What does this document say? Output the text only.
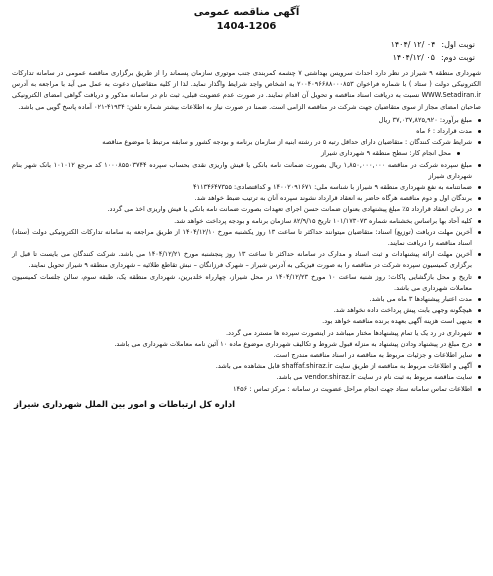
آگهی مناقصه عمومی
1404-1206
نوبت اول:
۱۴۰۴/ ۱۲/ ۰۴
نوبت دوم:
۱۴۰۴/۱۲/ ۰۵

شهرداری منطقه ۹ شیراز در نظر دارد احداث سرویس بهداشتی ۷ چشمه کمربندی جنب موتوری سازمان پسماند را از طریق برگزاری مناقصه عمومی در سامانه تدارکات الکترونیکی دولت ( ستاد ) با شماره فراخوان ۲۰۰۴۰۹۶۶۸۸۰۰۰۸۵۳ به اشخاص واجد شرایط واگذار نماید. لذا از کلیه متقاضیان دعوت به عمل می آید با مراجعه به آدرس WWW.Setadiran.ir نسبت به دریافت اسناد مناقصه و تحویل آن اقدام نمایند. در صورت عدم عضویت قبلی، ثبت نام در سامانه مذکور و دریافت گواهی امضای الکترونیکی صاحبان امضای مجاز از سوی متقاضیان جهت شرکت در مناقصه الزامی است. ضمنا در صورت نیاز به اطلاعات بیشتر شماره تلفن: ۴۱۹۳۴-۰۲۱ آماده پاسخ گویی می باشد.

مبلغ برآورد: ۳۷,۰۳۷,۸۲۵,۹۲۰ ریال

مدت قرارداد : ۶ ماه

شرایط شرکت کنندگان : متقاضیان دارای حداقل رتبه ۵ در رشته ابنیه از سازمان برنامه و بودجه کشور و سابقه مرتبط با موضوع مناقصه

محل انجام کار: سطح منطقه ۹ شهرداری شیراز

مبلغ سپرده شرکت در مناقصه ۱,۸۵۰,۰۰۰,۰۰۰ ریال بصورت ضمانت نامه بانکی یا فیش واریزی نقدی بحساب سپرده ۱۰۰۰۸۵۵۰۳۷۴۴ کد مرجع ۱۰۱۰۱۲ بانک شهر بنام شهرداری شیراز

ضمانتنامه به نفع شهرداری منطقه ۹ شیراز با شناسه ملی: ۱۴۰۰۲۰۹۱۶۷۱ و کداقتصادی: ۴۱۱۳۴۶۴۷۳۵۵

برندگان اول و دوم مناقصه هرگاه حاضر به انعقاد قرارداد نشوند سپرده آنان به ترتیب ضبط خواهد شد.

در زمان انعقاد قرارداد ۵٪ مبلغ پیشنهادی بعنوان ضمانت حسن اجرای تعهدات بصورت ضمانت نامه بانکی یا فیش واریزی اخذ می گردد.

کلیه آحاد بها براساس بخشنامه شماره ۱۰۱/۱۷۳۰۷۳ تاریخ ۸۲/۹/۱۵ سازمان برنامه و بودجه پرداخت خواهد شد.

آخرین مهلت دریافت (توزیع) اسناد: متقاضیان میتوانند حداکثر تا ساعت ۱۳ روز یکشنبه مورخ ۱۴۰۴/۱۲/۱۰ از طریق مراجعه به سامانه تدارکات الکترونیکی دولت (ستاد) اسناد مناقصه را دریافت نمایند.

آخرین مهلت ارائه پیشنهادات و ثبت اسناد و مدارک در سامانه حداکثر تا ساعت ۱۳ روز پنجشنبه مورخ ۱۴۰۴/۱۲/۲۱ می باشد. شرکت کنندگان می بایست تا قبل از برگزاری کمیسیون سپرده شرکت در مناقصه را به صورت فیزیکی به آدرس شیراز – شهرک فرزانگان – نبش تقاطع طلائیه – شهرداری منطقه ۹ شیراز تحویل نمایند.

تاریخ و محل بازگشایی پاکات: روز شنبه ساعت ۱۰ مورخ ۱۴۰۴/۱۲/۲۳ در محل شیراز، چهارراه خلدبرین، شهرداری منطقه یک، طبقه سوم، سالن جلسات کمیسیون معاملات شهرداری می باشد.

مدت اعتبار پیشنهادها ۳ ماه می باشد.

هیچگونه وجهی بابت پیش پرداخت داده نخواهد شد.

بدیهی است هزینه آگهی بعهده برنده مناقصه خواهد بود.

شهرداری در رد یک یا تمام پیشنهادها مختار میباشد در اینصورت سپرده ها مسترد می گردد.

درج مبلغ در پیشنهاد ودادن پیشنهاد به منزله قبول شروط و تکالیف شهرداری موضوع ماده ۱۰ آئین نامه معاملات شهرداری می باشد.

سایر اطلاعات و جزئیات مربوط به مناقصه در اسناد مناقصه مندرج است.

آگهی و اطلاعات مربوط به مناقصه از طریق سایت shaffaf.shiraz.ir قابل مشاهده می باشد.

سایت مناقصه مربوط به ثبت نام در سایت vendor.shiraz.ir می باشد.

اطلاعات تماس سامانه ستاد جهت انجام مراحل عضویت در سامانه : مرکز تماس : ۱۴۵۶

اداره کل ارتباطات و امور بین الملل شهرداری شیراز
